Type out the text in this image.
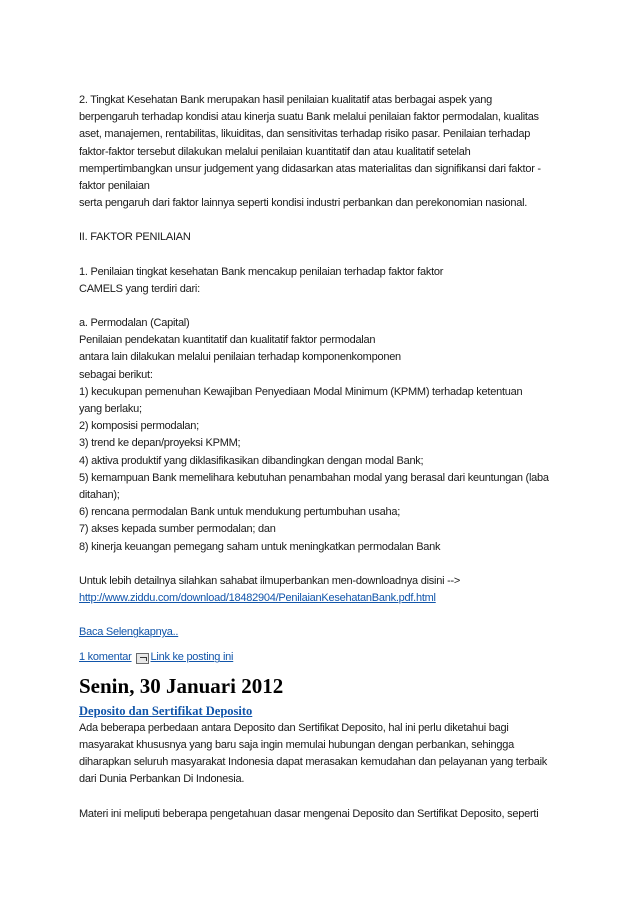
2. Tingkat Kesehatan Bank merupakan hasil penilaian kualitatif atas berbagai aspek yang
berpengaruh terhadap kondisi atau kinerja suatu Bank melalui penilaian faktor permodalan, kualitas
aset, manajemen, rentabilitas, likuiditas, dan sensitivitas terhadap risiko pasar. Penilaian terhadap
faktor-faktor tersebut dilakukan melalui penilaian kuantitatif dan atau kualitatif setelah
mempertimbangkan unsur judgement yang didasarkan atas materialitas dan signifikansi dari faktor -
faktor penilaian
serta pengaruh dari faktor lainnya seperti kondisi industri perbankan dan perekonomian nasional.
II. FAKTOR PENILAIAN
1. Penilaian tingkat kesehatan Bank mencakup penilaian terhadap faktor faktor
CAMELS yang terdiri dari:
a. Permodalan (Capital)
Penilaian pendekatan kuantitatif dan kualitatif faktor permodalan
antara lain dilakukan melalui penilaian terhadap komponenkomponen
sebagai berikut:
1) kecukupan pemenuhan Kewajiban Penyediaan Modal Minimum (KPMM) terhadap ketentuan
yang berlaku;
2) komposisi permodalan;
3) trend ke depan/proyeksi KPMM;
4) aktiva produktif yang diklasifikasikan dibandingkan dengan modal Bank;
5) kemampuan Bank memelihara kebutuhan penambahan modal yang berasal dari keuntungan (laba
ditahan);
6) rencana permodalan Bank untuk mendukung pertumbuhan usaha;
7) akses kepada sumber permodalan; dan
8) kinerja keuangan pemegang saham untuk meningkatkan permodalan Bank
Untuk lebih detailnya silahkan sahabat ilmuperbankan men-downloadnya disini -->
http://www.ziddu.com/download/18482904/PenilaianKesehatanBank.pdf.html
Baca Selengkapnya..
1 komentar Link ke posting ini
Senin, 30 Januari 2012
Deposito dan Sertifikat Deposito
Ada beberapa perbedaan antara Deposito dan Sertifikat Deposito, hal ini perlu diketahui bagi
masyarakat khususnya yang baru saja ingin memulai hubungan dengan perbankan, sehingga
diharapkan seluruh masyarakat Indonesia dapat merasakan kemudahan dan pelayanan yang terbaik
dari Dunia Perbankan Di Indonesia.
Materi ini meliputi beberapa pengetahuan dasar mengenai Deposito dan Sertifikat Deposito, seperti
